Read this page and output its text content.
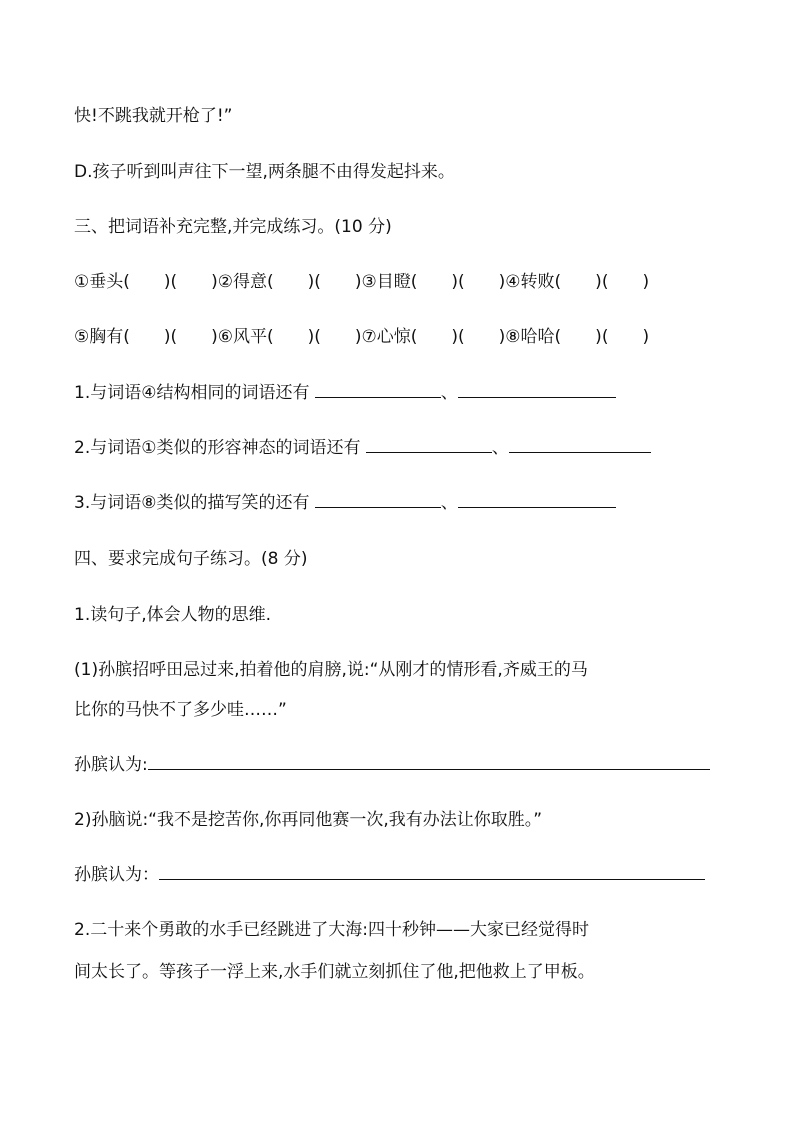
快!不跳我就开枪了!”
D.孩子听到叫声往下一望,两条腿不由得发起抖来。
三、把词语补充完整,并完成练习。(10 分)
①垂头(　　)(　　)②得意(　　)(　　)③目瞪(　　)(　　)④转败(　　)(　　)
⑤胸有(　　)(　　)⑥风平(　　)(　　)⑦心惊(　　)(　　)⑧哈哈(　　)(　　)
1.与词语④结构相同的词语还有	、
2.与词语①类似的形容神态的词语还有	、
3.与词语⑧类似的描写笑的还有	、
四、要求完成句子练习。(8 分)
1.读句子,体会人物的思维.
(1)孙膑招呼田忌过来,拍着他的肩膀,说:“从刚才的情形看,齐威王的马
比你的马快不了多少哇……”
孙膑认为:
2)孙脑说:“我不是挖苦你,你再同他赛一次,我有办法让你取胜。”
孙膑认为：
2.二十来个勇敢的水手已经跳进了大海:四十秒钟——大家已经觉得时
间太长了。等孩子一浮上来,水手们就立刻抓住了他,把他救上了甲板。
